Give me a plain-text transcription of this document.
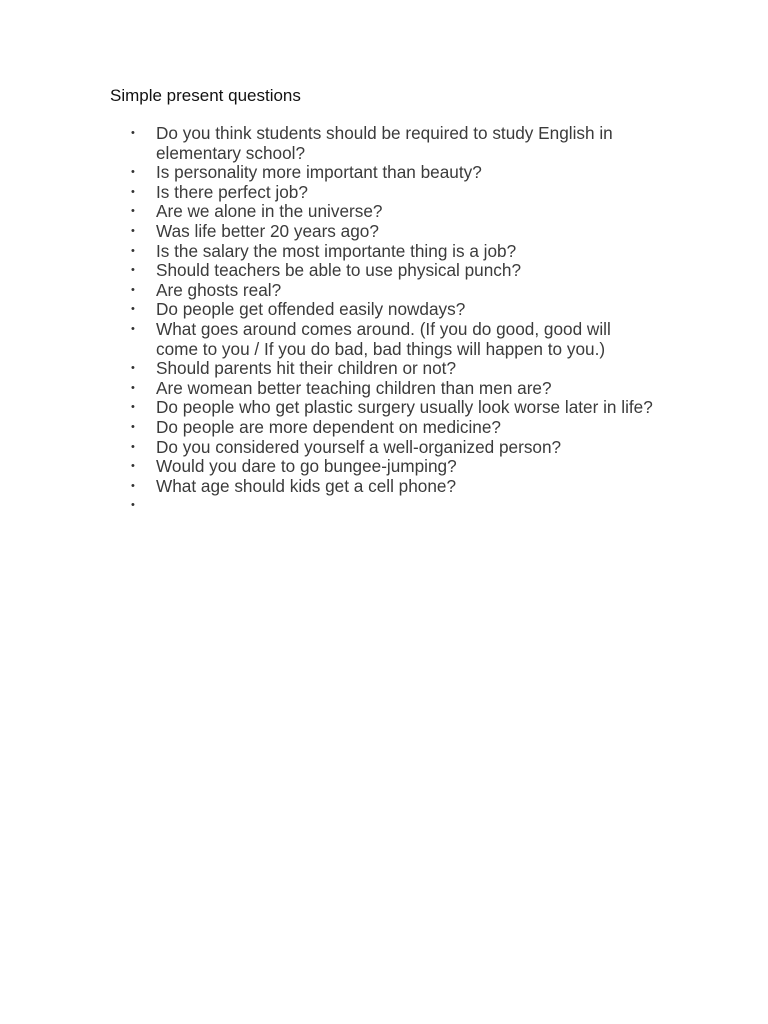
Simple present questions
• Do you think students should be required to study English in elementary school?
• Is personality more important than beauty?
• Is there perfect job?
• Are we alone in the universe?
• Was life better 20 years ago?
• Is the salary the most importante thing is a job?
• Should teachers be able to use physical punch?
• Are ghosts real?
• Do people get offended easily nowdays?
• What goes around comes around. (If you do good, good will come to you / If you do bad, bad things will happen to you.)
• Should parents hit their children or not?
• Are womean better teaching children than men are?
• Do people who get plastic surgery usually look worse later in life?
• Do people are more dependent on medicine?
• Do you considered yourself a well-organized person?
• Would you dare to go bungee-jumping?
• What age should kids get a cell phone?
•
